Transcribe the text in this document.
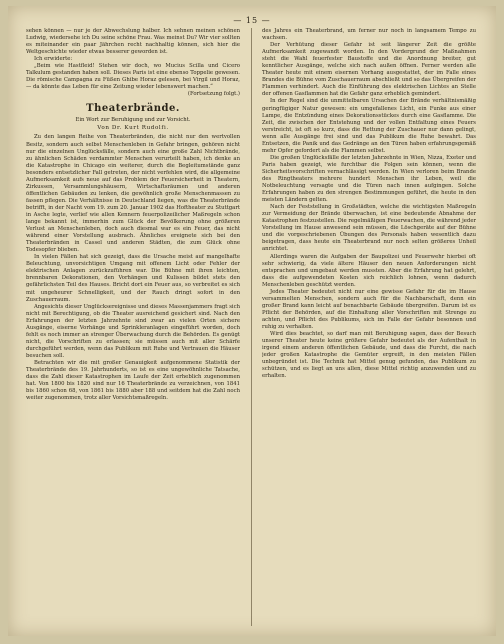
— 15 —

sehen können — nur je der Abwechslung halber. Ich sehnen meinen schönen Ludwig, wiedersehe ich Du seine schöne Frau. Was meinst Du? Wir vier sollten es miteinander ein paar Jährchen recht nachhaltig können, sich hier die Weltgeschichte wieder etwas besserer geworden ist.

Ich erwiderte:

„Beim wie Hastfleid! Stehen wir doch, wo Mucius Scilla und Cicero Talkulum gestanden haben soll. Dieses Paris ist eine ebenso Toppelie gewesen. Die römische Campagna zu Füßen Ghibe Horaz gelesen, bei Virgil und Horaz, — da könnte das Leben für eine Zeitung wieder lebenswert machen.“

(Fortsetzung folgt.)

Theaterbrände.
Ein Wort zur Beruhigung und zur Vorsicht.
Von Dr. Kurt Rudolfi.

Zu den langen Reihe von Theaterbränden, die nicht nur den wertvollen Besitz, sondern auch selbst Menschenleben in Gefahr bringen, gehören nicht nur die einzelnen Unglücksfälle, sondern auch eine große Zahl Nichtbrände, zu ähnlichen Schäden verdammter Menschen verurteilt haben, ich denke an die Katastrophe in Chicago ein weiterer, durch die Begleitumstände ganz besonders entsetzlicher Fall getreten, der nicht verfehlen wird, die allgemeine Aufmerksamkeit aufs neue auf das Problem der Feuersicherheit in Theatern, Zirkussen, Versammlungshäusern, Wirtschaftsräumen und anderen öffentlichen Gebäuden zu lenken, die gewöhnlich große Menschenmassen zu fassen pflegen. Die Verhältnisse in Deutschland liegen, was die Theaterbrände betrifft, in der Nacht vom 19. zum 20. Januar 1902 das Hoftheater zu Stuttgart in Asche legte, verlief wie allen Kennern feuerpolizeilicher Maßregeln schon lange bekannt ist, immerhin zum Glück der Bevölkerung ohne größeren Verlust an Menschenleben, doch auch diesmal war es ein Feuer, das nicht während einer Vorstellung ausbrach. Ähnliches ereignete sich bei den Theaterbränden in Cassel und anderen Städten, die zum Glück ohne Todesopfer blieben.

In vielen Fällen hat sich gezeigt, dass die Ursache meist auf mangelhafte Beleuchtung, unvorsichtigen Umgang mit offenem Licht oder Fehler der elektrischen Anlagen zurückzuführen war. Die Bühne mit ihren leichten, brennbaren Dekorationen, den Vorhängen und Kulissen bildet stets den gefährlichsten Teil des Hauses. Bricht dort ein Feuer aus, so verbreitet es sich mit ungeheurer Schnelligkeit, und der Rauch dringt sofort in den Zuschauerraum.

Angesichts dieser Unglücksereignisse und dieses Massenjammers fragt sich nicht mit Berechtigung, ob die Theater ausreichend gesichert sind. Nach den Erfahrungen der letzten Jahrzehnte sind zwar an vielen Orten sichere Ausgänge, eiserne Vorhänge und Sprinkleranlagen eingeführt worden, doch fehlt es noch immer an strenger Überwachung durch die Behörden. Es genügt nicht, die Vorschriften zu erlassen; sie müssen auch mit aller Schärfe durchgeführt werden, wenn das Publikum mit Ruhe und Vertrauen die Häuser besuchen soll.

Betrachten wir die mit großer Genauigkeit aufgenommene Statistik der Theaterbrände des 19. Jahrhunderts, so ist es eine ungewöhnliche Tatsache, dass die Zahl dieser Katastrophen im Laufe der Zeit erheblich zugenommen hat. Von 1800 bis 1820 sind nur 16 Theaterbrände zu verzeichnen, von 1841 bis 1860 schon 68, von 1861 bis 1880 aber 188 und seitdem hat die Zahl noch weiter zugenommen, trotz aller Vorsichtsmaßregeln.

des Jahres ein Theaterbrand, um ferner nur noch in langsamem Tempo zu wachsen.

Der Verhütung dieser Gefahr ist seit längerer Zeit die größte Aufmerksamkeit zugewandt worden. In den Vordergrund der Maßnahmen steht die Wahl feuerfester Baustoffe und die Anordnung breiter, gut kenntlicher Ausgänge, welche sich nach außen öffnen. Ferner werden alle Theater heute mit einem eisernen Vorhang ausgestattet, der im Falle eines Brandes die Bühne vom Zuschauerraum abschließt und so das Übergreifen der Flammen verhindert. Auch die Einführung des elektrischen Lichtes an Stelle der offenen Gasflammen hat die Gefahr ganz erheblich gemindert.

In der Regel sind die unmittelbaren Ursachen der Brände verhältnismäßig geringfügiger Natur gewesen: ein umgefallenes Licht, ein Funke aus einer Lampe, die Entzündung eines Dekorationsstückes durch eine Gasflamme. Die Zeit, die zwischen der Entstehung und der vollen Entfaltung eines Feuers verstreicht, ist oft so kurz, dass die Rettung der Zuschauer nur dann gelingt, wenn alle Ausgänge frei sind und das Publikum die Ruhe bewahrt. Das Entsetzen, die Panik und das Gedränge an den Türen haben erfahrungsgemäß mehr Opfer gefordert als die Flammen selbst.

Die großen Unglücksfälle der letzten Jahrzehnte in Wien, Nizza, Exeter und Paris haben gezeigt, wie furchtbar die Folgen sein können, wenn die Sicherheitsvorschriften vernachlässigt werden. In Wien verloren beim Brande des Ringtheaters mehrere hundert Menschen ihr Leben, weil die Notbeleuchtung versagte und die Türen nach innen aufgingen. Solche Erfahrungen haben zu den strengen Bestimmungen geführt, die heute in den meisten Ländern gelten.

Nach der Feststellung in Großstädten, welche die wichtigsten Maßregeln zur Vermeidung der Brände überwachen, ist eine bedeutende Abnahme der Katastrophen festzustellen. Die regelmäßigen Feuerwachen, die während jeder Vorstellung im Hause anwesend sein müssen, die Löschgeräte auf der Bühne und die vorgeschriebenen Übungen des Personals haben wesentlich dazu beigetragen, dass heute ein Theaterbrand nur noch selten größeres Unheil anrichtet.

Allerdings waren die Aufgaben der Baupolizei und Feuerwehr hierbei oft sehr schwierig, da viele ältere Häuser den neuen Anforderungen nicht entsprachen und umgebaut werden mussten. Aber die Erfahrung hat gelehrt, dass die aufgewendeten Kosten sich reichlich lohnen, wenn dadurch Menschenleben geschützt werden.

Jedes Theater bedeutet nicht nur eine gewisse Gefahr für die im Hause versammelten Menschen, sondern auch für die Nachbarschaft, denn ein großer Brand kann leicht auf benachbarte Gebäude übergreifen. Darum ist es Pflicht der Behörden, auf die Einhaltung aller Vorschriften mit Strenge zu achten, und Pflicht des Publikums, sich im Falle der Gefahr besonnen und ruhig zu verhalten.

Wird dies beachtet, so darf man mit Beruhigung sagen, dass der Besuch unserer Theater heute keine größere Gefahr bedeutet als der Aufenthalt in irgend einem anderen öffentlichen Gebäude, und dass die Furcht, die nach jeder großen Katastrophe die Gemüter ergreift, in den meisten Fällen unbegründet ist. Die Technik hat Mittel genug gefunden, das Publikum zu schützen, und es liegt an uns allen, diese Mittel richtig anzuwenden und zu erhalten.
